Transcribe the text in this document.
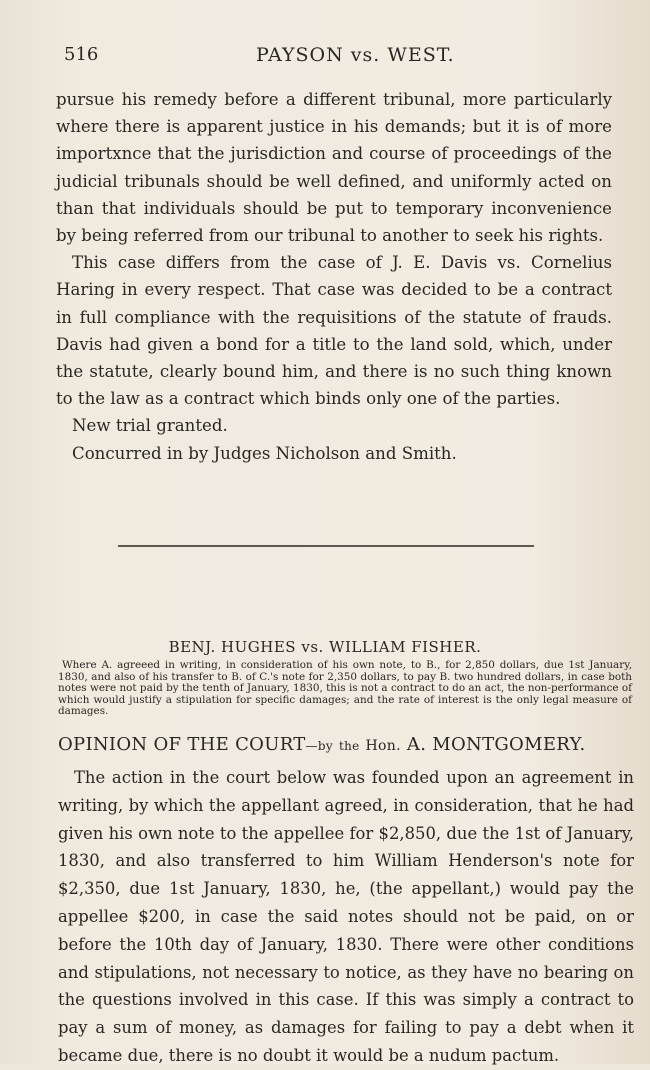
516	PAYSON vs. WEST.

pursue his remedy before a different tribunal, more particularly where there is apparent justice in his demands; but it is of more importxnce that the jurisdiction and course of proceedings of the judicial tribunals should be well defined, and uniformly acted on than that individuals should be put to temporary inconvenience by being referred from our tribunal to another to seek his rights.

This case differs from the case of J. E. Davis vs. Cornelius Haring in every respect. That case was decided to be a contract in full compliance with the requisitions of the statute of frauds. Davis had given a bond for a title to the land sold, which, under the statute, clearly bound him, and there is no such thing known to the law as a contract which binds only one of the parties.

New trial granted.

Concurred in by Judges Nicholson and Smith.

BENJ. HUGHES vs. WILLIAM FISHER.

Where A. agreeed in writing, in consideration of his own note, to B., for 2,850 dollars, due 1st January, 1830, and also of his transfer to B. of C.'s note for 2,350 dollars, to pay B. two hundred dollars, in case both notes were not paid by the tenth of January, 1830, this is not a contract to do an act, the non-performance of which would justify a stipulation for specific damages; and the rate of interest is the only legal measure of damages.

OPINION OF THE COURT—by the Hon. A. MONTGOMERY.

The action in the court below was founded upon an agreement in writing, by which the appellant agreed, in consideration, that he had given his own note to the appellee for $2,850, due the 1st of January, 1830, and also transferred to him William Henderson's note for $2,350, due 1st January, 1830, he, (the appellant,) would pay the appellee $200, in case the said notes should not be paid, on or before the 10th day of January, 1830. There were other conditions and stipulations, not necessary to notice, as they have no bearing on the questions involved in this case. If this was simply a contract to pay a sum of money, as damages for failing to pay a debt when it became due, there is no doubt it would be a nudum pactum.
